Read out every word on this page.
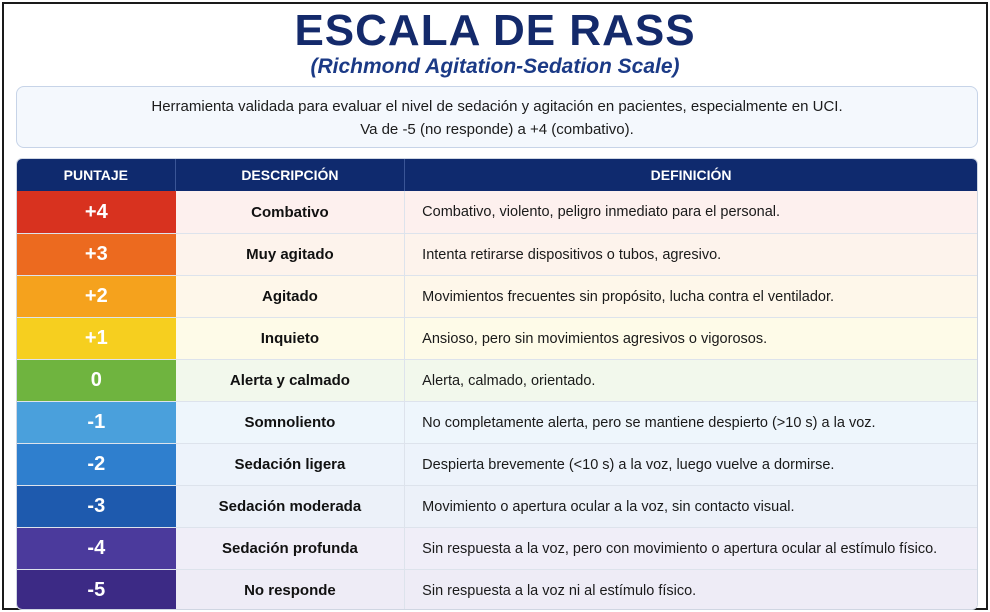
ESCALA DE RASS
(Richmond Agitation-Sedation Scale)
Herramienta validada para evaluar el nivel de sedación y agitación en pacientes, especialmente en UCI.
Va de -5 (no responde) a +4 (combativo).
PUNTAJE	DESCRIPCIÓN	DEFINICIÓN
+4	Combativo	Combativo, violento, peligro inmediato para el personal.
+3	Muy agitado	Intenta retirarse dispositivos o tubos, agresivo.
+2	Agitado	Movimientos frecuentes sin propósito, lucha contra el ventilador.
+1	Inquieto	Ansioso, pero sin movimientos agresivos o vigorosos.
0	Alerta y calmado	Alerta, calmado, orientado.
-1	Somnoliento	No completamente alerta, pero se mantiene despierto (>10 s) a la voz.
-2	Sedación ligera	Despierta brevemente (<10 s) a la voz, luego vuelve a dormirse.
-3	Sedación moderada	Movimiento o apertura ocular a la voz, sin contacto visual.
-4	Sedación profunda	Sin respuesta a la voz, pero con movimiento o apertura ocular al estímulo físico.
-5	No responde	Sin respuesta a la voz ni al estímulo físico.
